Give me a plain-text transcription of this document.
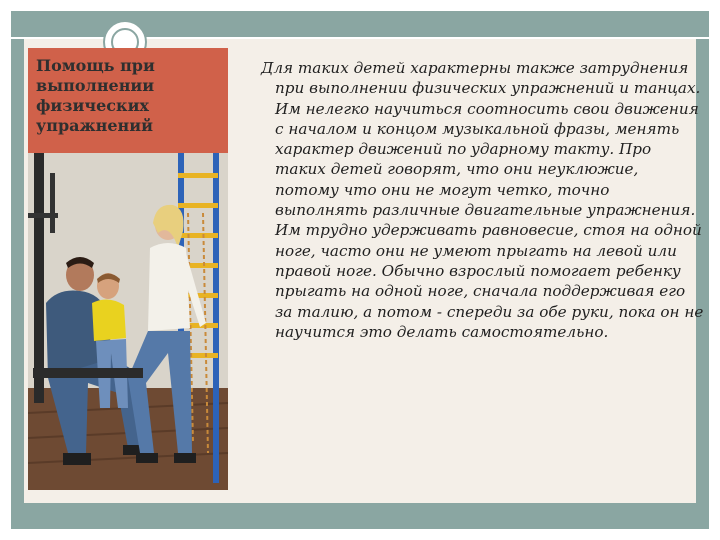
Помощь при выполнении физических упражнений

Для таких детей характерны также затруднения при выполнении физических упражнений и танцах. Им нелегко научиться соотносить свои движения с началом и концом музыкальной фразы, менять характер движений по ударному такту. Про таких детей говорят, что они неуклюжие, потому что они не могут четко, точно выполнять различные двигательные упражнения. Им трудно удерживать равновесие, стоя на одной ноге, часто они не умеют прыгать на левой или правой ноге. Обычно взрослый помогает ребенку прыгать на одной ноге, сначала поддерживая его за талию, а потом - спереди за обе руки, пока он не научится это делать самостоятельно.
